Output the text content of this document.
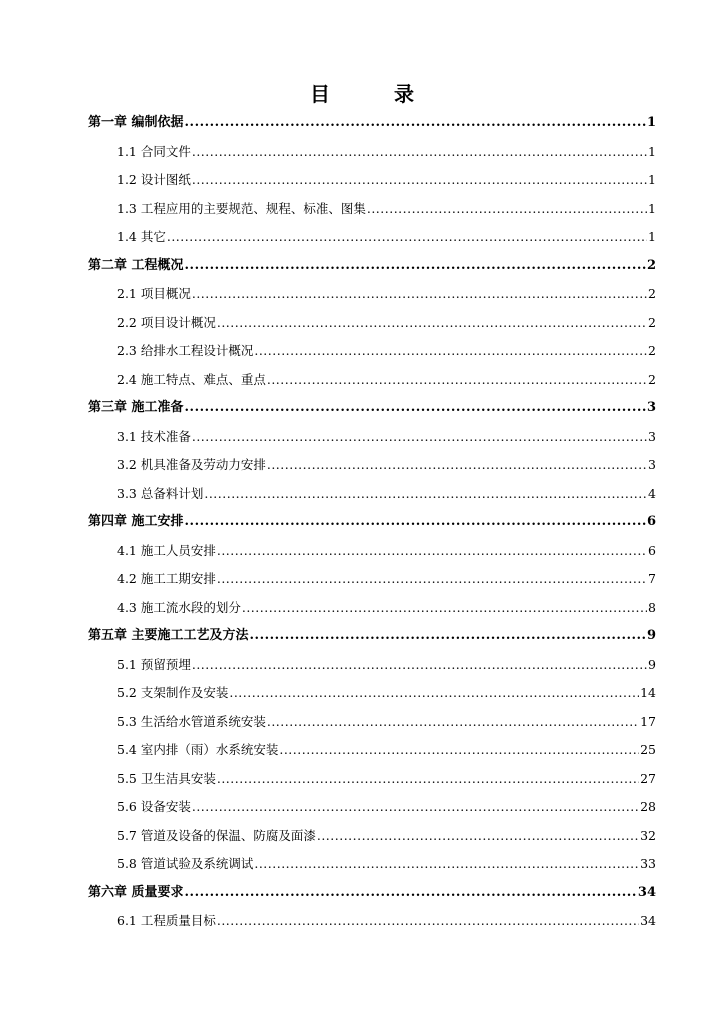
目　录
第一章 编制依据 .....	1
1.1 合同文件 .....	1
1.2 设计图纸 .....	1
1.3 工程应用的主要规范、规程、标准、图集 .....	1
1.4 其它 .....	1
第二章 工程概况 .....	2
2.1 项目概况 .....	2
2.2 项目设计概况 .....	2
2.3 给排水工程设计概况 .....	2
2.4 施工特点、难点、重点 .....	2
第三章 施工准备 .....	3
3.1 技术准备 .....	3
3.2 机具准备及劳动力安排 .....	3
3.3 总备料计划 .....	4
第四章 施工安排 .....	6
4.1 施工人员安排 .....	6
4.2 施工工期安排 .....	7
4.3 施工流水段的划分 .....	8
第五章 主要施工工艺及方法 .....	9
5.1 预留预埋 .....	9
5.2 支架制作及安装 .....	14
5.3 生活给水管道系统安装 .....	17
5.4 室内排（雨）水系统安装 .....	25
5.5 卫生洁具安装 .....	27
5.6 设备安装 .....	28
5.7 管道及设备的保温、防腐及面漆 .....	32
5.8 管道试验及系统调试 .....	33
第六章 质量要求 .....	34
6.1 工程质量目标 .....	34
